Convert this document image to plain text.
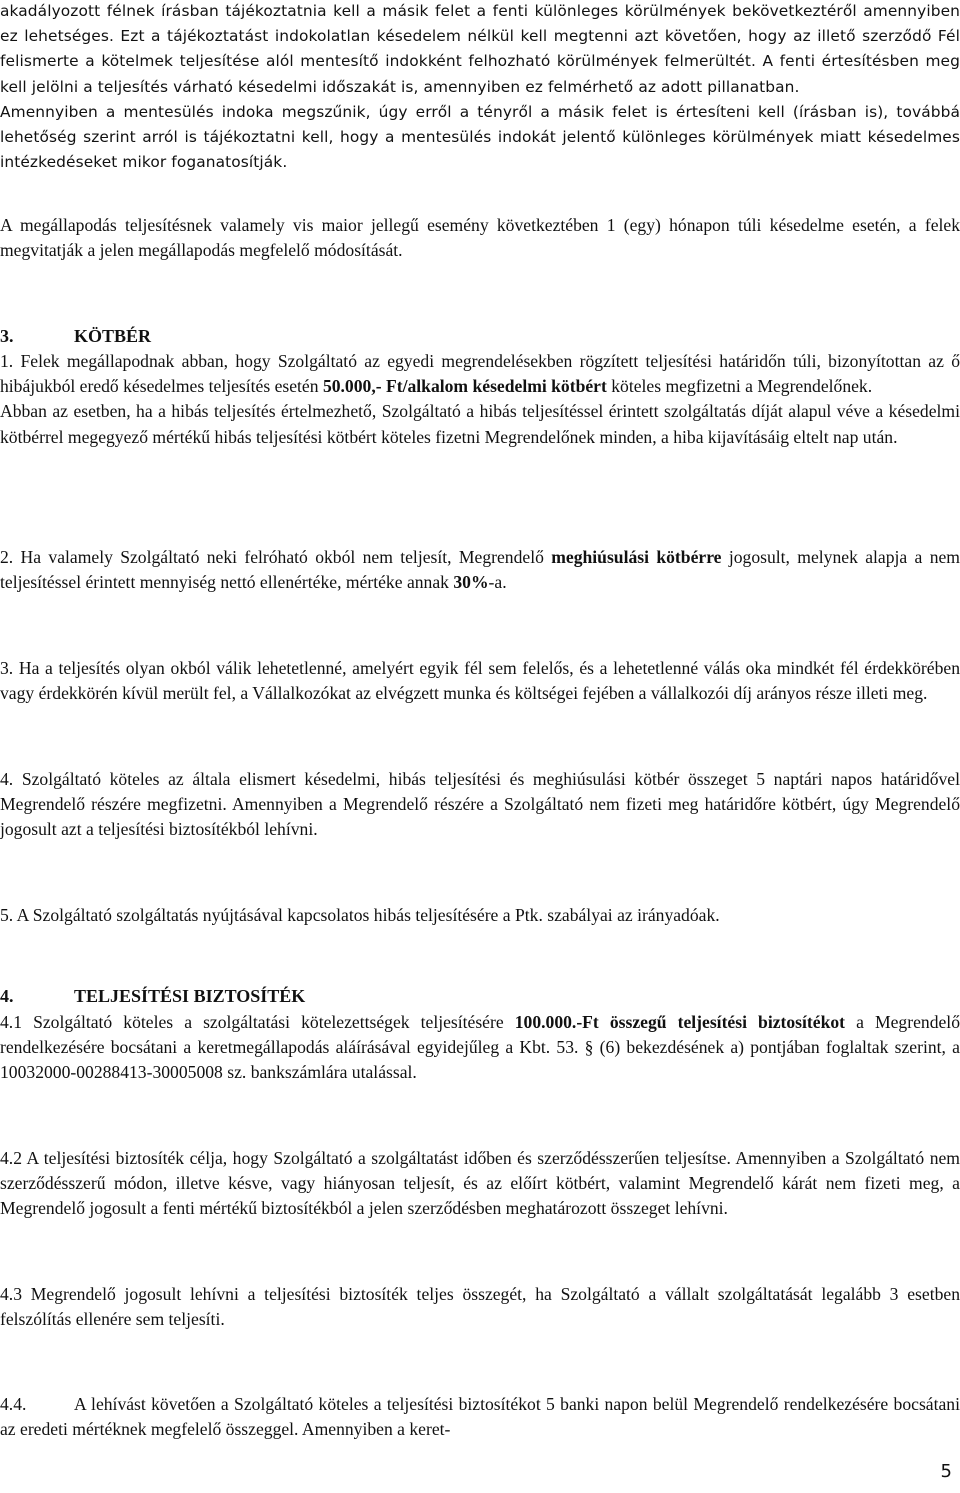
akadályozott félnek írásban tájékoztatnia kell a másik felet a fenti különleges körülmények bekövetkeztéről amennyiben ez lehetséges. Ezt a tájékoztatást indokolatlan késedelem nélkül kell megtenni azt követően, hogy az illető szerződő Fél felismerte a kötelmek teljesítése alól mentesítő indokként felhozható körülmények felmerültét. A fenti értesítésben meg kell jelölni a teljesítés várható késedelmi időszakát is, amennyiben ez felmérhető az adott pillanatban.

Amennyiben a mentesülés indoka megszűnik, úgy erről a tényről a másik felet is értesíteni kell (írásban is), továbbá lehetőség szerint arról is tájékoztatni kell, hogy a mentesülés indokát jelentő különleges körülmények miatt késedelmes intézkedéseket mikor foganatosítják.

A megállapodás teljesítésnek valamely vis maior jellegű esemény következtében 1 (egy) hónapon túli késedelme esetén, a felek megvitatják a jelen megállapodás megfelelő módosítását.

3.	KÖTBÉR

1. Felek megállapodnak abban, hogy Szolgáltató az egyedi megrendelésekben rögzített teljesítési határidőn túli, bizonyítottan az ő hibájukból eredő késedelmes teljesítés esetén 50.000,- Ft/alkalom késedelmi kötbért köteles megfizetni a Megrendelőnek.

Abban az esetben, ha a hibás teljesítés értelmezhető, Szolgáltató a hibás teljesítéssel érintett szolgáltatás díját alapul véve a késedelmi kötbérrel megegyező mértékű hibás teljesítési kötbért köteles fizetni Megrendelőnek minden, a hiba kijavításáig eltelt nap után.

2. Ha valamely Szolgáltató neki felróható okból nem teljesít, Megrendelő meghiúsulási kötbérre jogosult, melynek alapja a nem teljesítéssel érintett mennyiség nettó ellenértéke, mértéke annak 30%-a.

3. Ha a teljesítés olyan okból válik lehetetlenné, amelyért egyik fél sem felelős, és a lehetetlenné válás oka mindkét fél érdekkörében vagy érdekkörén kívül merült fel, a Vállalkozókat az elvégzett munka és költségei fejében a vállalkozói díj arányos része illeti meg.

4. Szolgáltató köteles az általa elismert késedelmi, hibás teljesítési és meghiúsulási kötbér összeget 5 naptári napos határidővel Megrendelő részére megfizetni. Amennyiben a Megrendelő részére a Szolgáltató nem fizeti meg határidőre kötbért, úgy Megrendelő jogosult azt a teljesítési biztosítékból lehívni.

5. A Szolgáltató szolgáltatás nyújtásával kapcsolatos hibás teljesítésére a Ptk. szabályai az irányadóak.

4.	TELJESÍTÉSI BIZTOSÍTÉK

4.1 Szolgáltató köteles a szolgáltatási kötelezettségek teljesítésére 100.000.-Ft összegű teljesítési biztosítékot a Megrendelő rendelkezésére bocsátani a keretmegállapodás aláírásával egyidejűleg a Kbt. 53. § (6) bekezdésének a) pontjában foglaltak szerint, a 10032000-00288413-30005008 sz. bankszámlára utalással.

4.2 A teljesítési biztosíték célja, hogy Szolgáltató a szolgáltatást időben és szerződésszerűen teljesítse. Amennyiben a Szolgáltató nem szerződésszerű módon, illetve késve, vagy hiányosan teljesít, és az előírt kötbért, valamint Megrendelő kárát nem fizeti meg, a Megrendelő jogosult a fenti mértékű biztosítékból a jelen szerződésben meghatározott összeget lehívni.

4.3 Megrendelő jogosult lehívni a teljesítési biztosíték teljes összegét, ha Szolgáltató a vállalt szolgáltatását legalább 3 esetben felszólítás ellenére sem teljesíti.

4.4.	A lehívást követően a Szolgáltató köteles a teljesítési biztosítékot 5 banki napon belül Megrendelő rendelkezésére bocsátani az eredeti mértéknek megfelelő összeggel. Amennyiben a keret-

5
